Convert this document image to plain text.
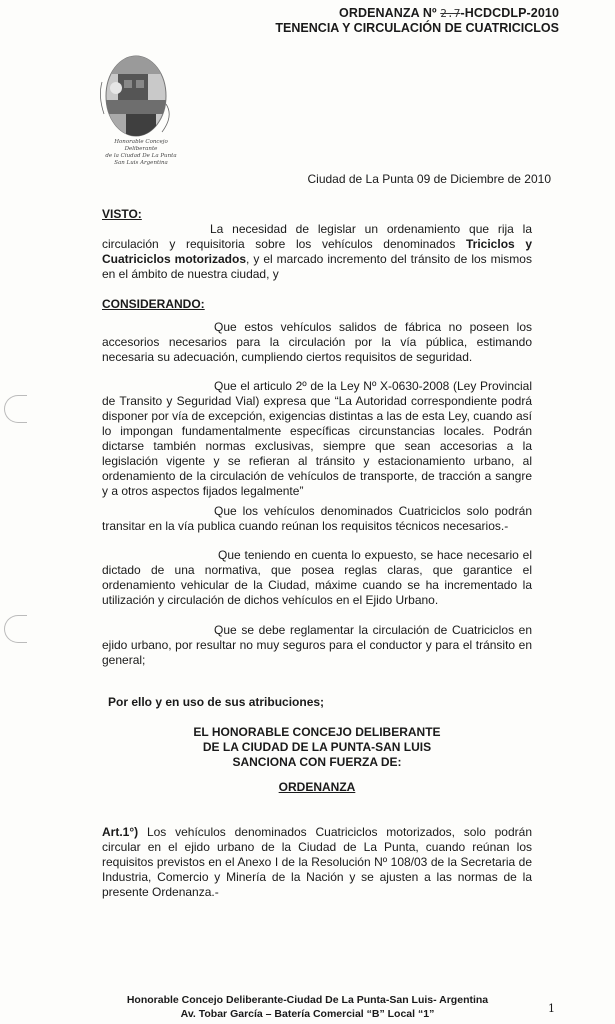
ORDENANZA Nº 2.7-HCDCDLP-2010
TENENCIA Y CIRCULACIÓN DE CUATRICICLOS
Honorable Concejo Deliberante
de la Ciudad De La Punta
San Luis Argentina
Ciudad de La Punta 09 de Diciembre de 2010
VISTO:
La necesidad de legislar un ordenamiento que rija la circulación y requisitoria sobre los vehículos denominados Triciclos y Cuatriciclos motorizados, y el marcado incremento del tránsito de los mismos en el ámbito de nuestra ciudad, y
CONSIDERANDO:
Que estos vehículos salidos de fábrica no poseen los accesorios necesarios para la circulación por la vía pública, estimando necesaria su adecuación, cumpliendo ciertos requisitos de seguridad.
Que el articulo 2º de la Ley Nº X-0630-2008 (Ley Provincial de Transito y Seguridad Vial) expresa que “La Autoridad correspondiente podrá disponer por vía de excepción, exigencias distintas a las de esta Ley, cuando así lo impongan fundamentalmente específicas circunstancias locales. Podrán dictarse también normas exclusivas, siempre que sean accesorias a la legislación vigente y se refieran al tránsito y estacionamiento urbano, al ordenamiento de la circulación de vehículos de transporte, de tracción a sangre y a otros aspectos fijados legalmente”
Que los vehículos denominados Cuatriciclos solo podrán transitar en la vía publica cuando reúnan los requisitos técnicos necesarios.-
Que teniendo en cuenta lo expuesto, se hace necesario el dictado de una normativa, que posea reglas claras, que garantice el ordenamiento vehicular de la Ciudad, máxime cuando se ha incrementado la utilización y circulación de dichos vehículos en el Ejido Urbano.
Que se debe reglamentar la circulación de Cuatriciclos en ejido urbano, por resultar no muy seguros para el conductor y para el tránsito en general;
Por ello y en uso de sus atribuciones;
EL HONORABLE CONCEJO DELIBERANTE
DE LA CIUDAD DE LA PUNTA-SAN LUIS
SANCIONA CON FUERZA DE:
ORDENANZA
Art.1°) Los vehículos denominados Cuatriciclos motorizados, solo podrán circular en el ejido urbano de la Ciudad de La Punta, cuando reúnan los requisitos previstos en el Anexo I de la Resolución Nº 108/03 de la Secretaria de Industria, Comercio y Minería de la Nación y se ajusten a las normas de la presente Ordenanza.-
Honorable Concejo Deliberante-Ciudad De La Punta-San Luis- Argentina
Av. Tobar García – Batería Comercial “B” Local “1”	1
